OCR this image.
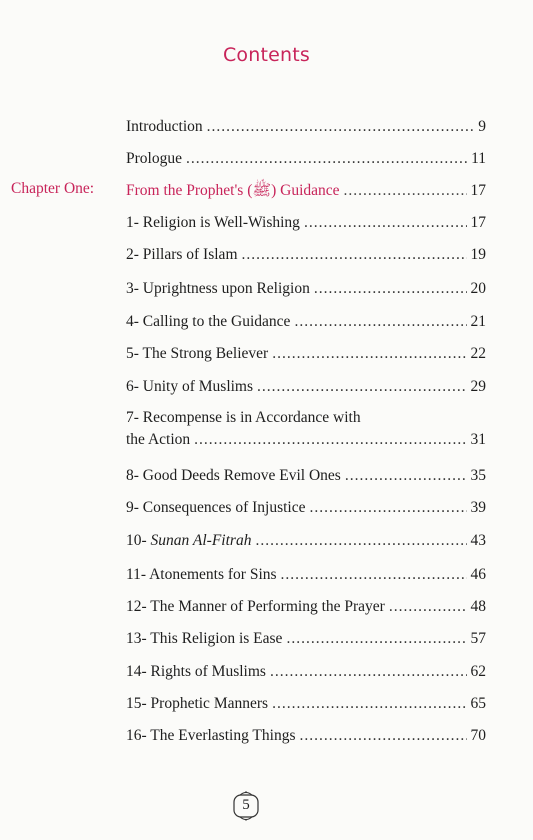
Contents
Chapter One:
Introduction .....	9
Prologue .....	11
From the Prophet's (ﷺ) Guidance .....	17
1- Religion is Well-Wishing .....	17
2- Pillars of Islam .....	19
3- Uprightness upon Religion .....	20
4- Calling to the Guidance .....	21
5- The Strong Believer .....	22
6- Unity of Muslims .....	29
7- Recompense is in Accordance with
the Action .....	31
8- Good Deeds Remove Evil Ones .....	35
9- Consequences of Injustice .....	39
10- Sunan Al-Fitrah .....	43
11- Atonements for Sins .....	46
12- The Manner of Performing the Prayer .....	48
13- This Religion is Ease .....	57
14- Rights of Muslims .....	62
15- Prophetic Manners .....	65
16- The Everlasting Things .....	70
5
